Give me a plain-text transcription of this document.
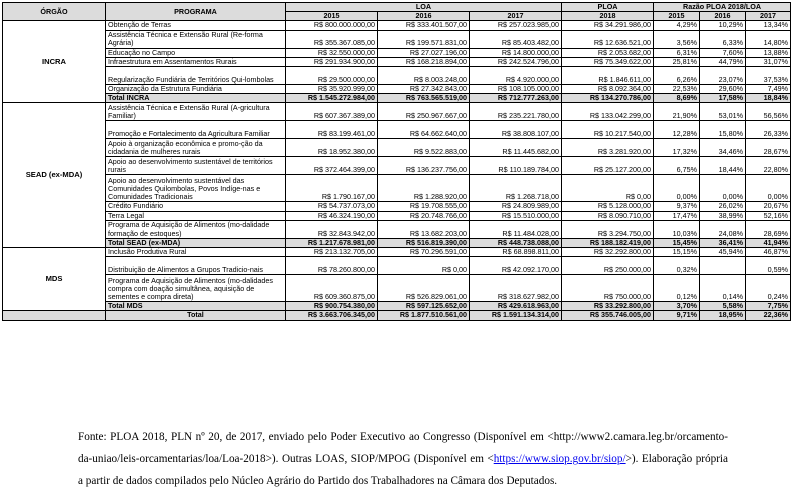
ÓRGÃO	PROGRAMA	LOA			PLOA	Razão PLOA 2018/LOA		
		2015	2016	2017	2018	2015	2016	2017
INCRA	Obtenção de Terras	R$ 800.000.000,00	R$ 333.401.507,00	R$ 257.023.985,00	R$ 34.291.986,00	4,29%	10,29%	13,34%
	Assistência Técnica e Extensão Rural (Re-forma Agrária)	R$ 355.367.085,00	R$ 199.571.831,00	R$ 85.403.482,00	R$ 12.636.521,00	3,56%	6,33%	14,80%
	Educação no Campo	R$ 32.550.000,00	R$ 27.027.196,00	R$ 14.800.000,00	R$ 2.053.682,00	6,31%	7,60%	13,88%
	Infraestrutura em Assentamentos Rurais	R$ 291.934.900,00	R$ 168.218.894,00	R$ 242.524.796,00	R$ 75.349.622,00	25,81%	44,79%	31,07%
	Regularização Fundiária de Territórios Qui-lombolas	R$ 29.500.000,00	R$ 8.003.248,00	R$ 4.920.000,00	R$ 1.846.611,00	6,26%	23,07%	37,53%
	Organização da Estrutura Fundiária	R$ 35.920.999,00	R$ 27.342.843,00	R$ 108.105.000,00	R$ 8.092.364,00	22,53%	29,60%	7,49%
	Total INCRA	R$ 1.545.272.984,00	R$ 763.565.519,00	R$ 712.777.263,00	R$ 134.270.786,00	8,69%	17,58%	18,84%
SEAD (ex-MDA)	Assistência Técnica e Extensão Rural (A-gricultura Familiar)	R$ 607.367.389,00	R$ 250.967.667,00	R$ 235.221.780,00	R$ 133.042.299,00	21,90%	53,01%	56,56%
	Promoção e Fortalecimento da Agricultura Familiar	R$ 83.199.461,00	R$ 64.662.640,00	R$ 38.808.107,00	R$ 10.217.540,00	12,28%	15,80%	26,33%
	Apoio à organização econômica e promo-ção da cidadania de mulheres rurais	R$ 18.952.380,00	R$ 9.522.883,00	R$ 11.445.682,00	R$ 3.281.920,00	17,32%	34,46%	28,67%
	Apoio ao desenvolvimento sustentável de territórios rurais	R$ 372.464.399,00	R$ 136.237.756,00	R$ 110.189.784,00	R$ 25.127.200,00	6,75%	18,44%	22,80%
	Apoio ao desenvolvimento sustentável das Comunidades Quilombolas, Povos Indíge-nas e Comunidades Tradicionais	R$ 1.790.167,00	R$ 1.288.920,00	R$ 1.268.718,00	R$ 0,00	0,00%	0,00%	0,00%
	Crédito Fundiário	R$ 54.737.073,00	R$ 19.708.555,00	R$ 24.809.989,00	R$ 5.128.000,00	9,37%	26,02%	20,67%
	Terra Legal	R$ 46.324.190,00	R$ 20.748.766,00	R$ 15.510.000,00	R$ 8.090.710,00	17,47%	38,99%	52,16%
	Programa de Aquisição de Alimentos (mo-dalidade formação de estoques)	R$ 32.843.942,00	R$ 13.682.203,00	R$ 11.484.028,00	R$ 3.294.750,00	10,03%	24,08%	28,69%
	Total SEAD (ex-MDA)	R$ 1.217.678.981,00	R$ 516.819.390,00	R$ 448.738.088,00	R$ 188.182.419,00	15,45%	36,41%	41,94%
MDS	Inclusão Produtiva Rural	R$ 213.132.705,00	R$ 70.296.591,00	R$ 68.898.811,00	R$ 32.292.800,00	15,15%	45,94%	46,87%
	Distribuição de Alimentos a Grupos Tradicio-nais	R$ 78.260.800,00	R$ 0,00	R$ 42.092.170,00	R$ 250.000,00	0,32%		0,59%
	Programa de Aquisição de Alimentos (mo-dalidades compra com doação simultânea, aquisição de sementes e compra direta)	R$ 609.360.875,00	R$ 526.829.061,00	R$ 318.627.982,00	R$ 750.000,00	0,12%	0,14%	0,24%
	Total MDS	R$ 900.754.380,00	R$ 597.125.652,00	R$ 429.618.963,00	R$ 33.292.800,00	3,70%	5,58%	7,75%
	Total	R$ 3.663.706.345,00	R$ 1.877.510.561,00	R$ 1.591.134.314,00	R$ 355.746.005,00	9,71%	18,95%	22,36%

Fonte: PLOA 2018, PLN nº 20, de 2017, enviado pelo Poder Executivo ao Congresso (Disponível em <http://www2.camara.leg.br/orcamento-da-uniao/leis-orcamentarias/loa/Loa-2018>). Outras LOAS, SIOP/MPOG (Disponível em <https://www.siop.gov.br/siop/>). Elaboração própria a partir de dados compilados pelo Núcleo Agrário do Partido dos Trabalhadores na Câmara dos Deputados.
